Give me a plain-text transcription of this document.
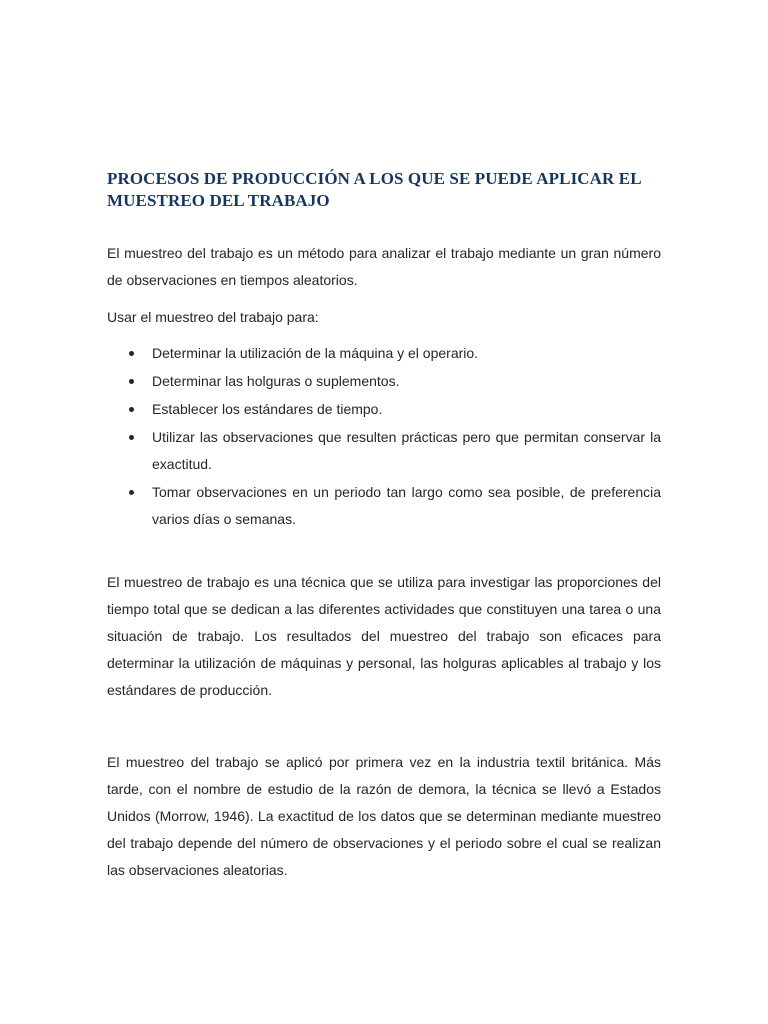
PROCESOS DE PRODUCCIÓN A LOS QUE SE PUEDE APLICAR EL MUESTREO DEL TRABAJO

El muestreo del trabajo es un método para analizar el trabajo mediante un gran número de observaciones en tiempos aleatorios.

Usar el muestreo del trabajo para:

Determinar la utilización de la máquina y el operario.
Determinar las holguras o suplementos.
Establecer los estándares de tiempo.
Utilizar las observaciones que resulten prácticas pero que permitan conservar la exactitud.
Tomar observaciones en un periodo tan largo como sea posible, de preferencia varios días o semanas.

El muestreo de trabajo es una técnica que se utiliza para investigar las proporciones del tiempo total que se dedican a las diferentes actividades que constituyen una tarea o una situación de trabajo. Los resultados del muestreo del trabajo son eficaces para determinar la utilización de máquinas y personal, las holguras aplicables al trabajo y los estándares de producción.

El muestreo del trabajo se aplicó por primera vez en la industria textil británica. Más tarde, con el nombre de estudio de la razón de demora, la técnica se llevó a Estados Unidos (Morrow, 1946). La exactitud de los datos que se determinan mediante muestreo del trabajo depende del número de observaciones y el periodo sobre el cual se realizan las observaciones aleatorias.
